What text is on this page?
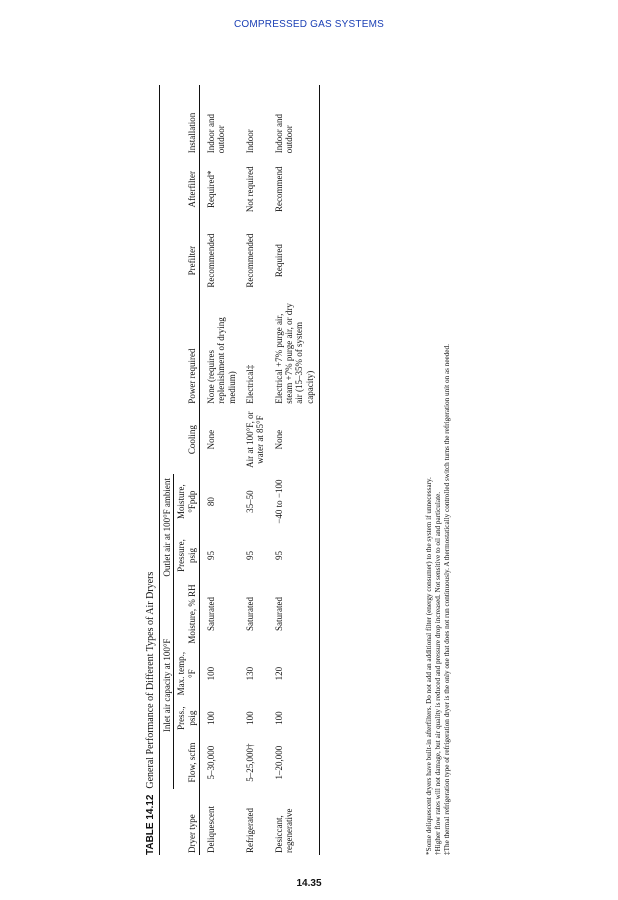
COMPRESSED GAS SYSTEMS
TABLE 14.12General Performance of Different Types of Air Dryers
	Inlet air capacity at 100°F				Outlet air at 100°F ambient						
Dryer type	Flow, scfm	Press., psig	Max. temp., °F	Moisture, % RH	Pressure, psig	Moisture, °Fpdp	Cooling	Power required	Prefilter	Afterfilter	Installation
Deliquescent	5–30,000	100	100	Saturated	95	80	None	None (requires replenishment of drying medium)	Recommended	Required*	Indoor and outdoor
Refrigerated	5–25,000†	100	130	Saturated	95	35–50	Air at 100°F, or water at 85°F	Electrical‡	Recommended	Not required	Indoor
Desiccant, regenerative	1–20,000	100	120	Saturated	95	−40 to −100	None	Electrical +7% purge air, steam +7% purge air, or dry air (15–35% of system capacity)	Required	Recommend	Indoor and outdoor
*Some deliquescent dryers have built-in afterfilters. Do not add an additional filter (energy consumer) to the system if unnecessary. †Higher flow rates will not damage, but air quality is reduced and pressure drop increased. Not sensitive to oil and particulate. ‡The thermal refrigeration type of refrigeration dryer is the only one that does not run continuously. A thermostatically controlled switch turns the refrigeration unit on as needed.
14.35
